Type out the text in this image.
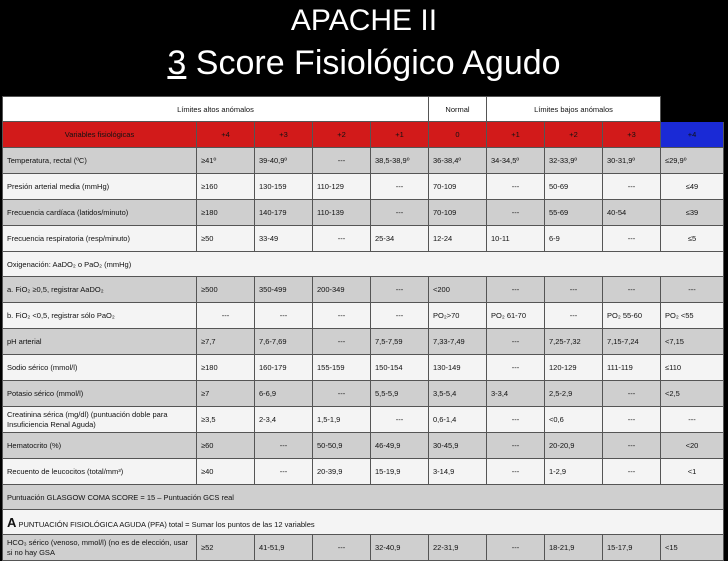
APACHE II
3 Score Fisiológico Agudo
Límites altos anómalos					Normal	Límites bajos anómalos			
Variables fisiológicas	+4	+3	+2	+1	0	+1	+2	+3	+4
Temperatura, rectal (ºC)	≥41º	39-40,9º	---	38,5-38,9º	36-38,4º	34-34,5º	32-33,9º	30-31,9º	≤29,9º
Presión arterial media (mmHg)	≥160	130-159	110-129	---	70-109	---	50-69	---	≤49
Frecuencia cardíaca (latidos/minuto)	≥180	140-179	110-139	---	70-109	---	55-69	40-54	≤39
Frecuencia respiratoria (resp/minuto)	≥50	33-49	---	25-34	12-24	10-11	6-9	---	≤5
Oxigenación: AaDO₂ o PaO₂ (mmHg)									
a. FiO₂ ≥0,5, registrar AaDO₂	≥500	350-499	200-349	---	<200	---	---	---	---
b. FiO₂ <0,5, registrar sólo PaO₂	---	---	---	---	PO₂>70	PO₂ 61-70	---	PO₂ 55-60	PO₂ <55
pH arterial	≥7,7	7,6-7,69	---	7,5-7,59	7,33-7,49	---	7,25-7,32	7,15-7,24	<7,15
Sodio sérico (mmol/l)	≥180	160-179	155-159	150-154	130-149	---	120-129	111-119	≤110
Potasio sérico (mmol/l)	≥7	6-6,9	---	5,5-5,9	3,5-5,4	3-3,4	2,5-2,9	---	<2,5
Creatinina sérica (mg/dl) (puntuación doble para Insuficiencia Renal Aguda)	≥3,5	2-3,4	1,5-1,9	---	0,6-1,4	---	<0,6	---	---
Hematocrito (%)	≥60	---	50-50,9	46-49,9	30-45,9	---	20-20,9	---	<20
Recuento de leucocitos (total/mm³)	≥40	---	20-39,9	15-19,9	3-14,9	---	1-2,9	---	<1
Puntuación GLASGOW COMA SCORE = 15 – Puntuación GCS real									
A PUNTUACIÓN FISIOLÓGICA AGUDA (PFA) total = Sumar los puntos de las 12 variables									
HCO₃ sérico (venoso, mmol/l) (no es de elección, usar si no hay GSA	≥52	41-51,9	---	32-40,9	22-31,9	---	18-21,9	15-17,9	<15
